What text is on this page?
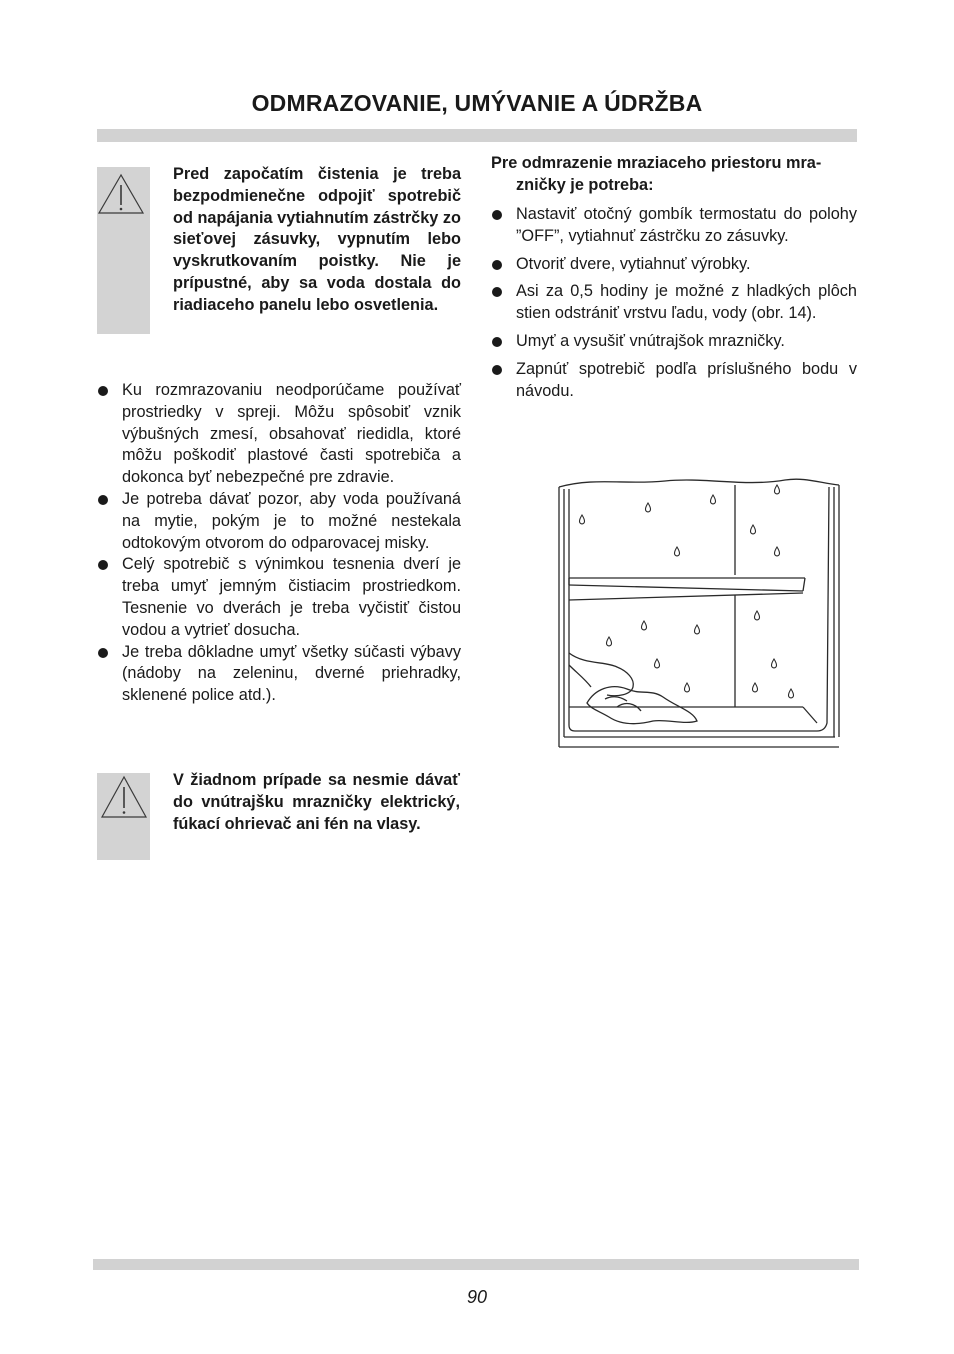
ODMRAZOVANIE, UMÝVANIE A ÚDRŽBA
Pred započatím čistenia je treba bezpodmienečne odpojiť spotrebič od napájania vytiahnutím zástrčky zo sieťovej zásuvky, vypnutím lebo vyskrutkovaním poistky. Nie je prípustné, aby sa voda dostala do riadiaceho panelu lebo osvetlenia.
Ku rozmrazovaniu neodporúčame používať prostriedky v spreji. Môžu spôsobiť vznik výbušných zmesí, obsahovať riedidla, ktoré môžu poškodiť plastové časti spotrebiča a dokonca byť nebezpečné pre zdravie.
Je potreba dávať pozor, aby voda používaná na mytie, pokým je to možné nestekala odtokovým otvorom do odparovacej misky.
Celý spotrebič s výnimkou tesnenia dverí je treba umyť jemným čistiacim prostriedkom. Tesnenie vo dverách je treba vyčistiť čistou vodou a vytrieť dosucha.
Je treba dôkladne umyť všetky súčasti výbavy (nádoby na zeleninu, dverné priehradky, sklenené police atd.).
V žiadnom prípade sa nesmie dávať do vnútrajšku mrazničky elektrický, fúkací ohrievač ani fén na vlasy.
Pre odmrazenie mraziaceho priestoru mra-
zničky je potreba:
Nastaviť otočný gombík termostatu do polohy ”OFF”, vytiahnuť zástrčku zo zásuvky.
Otvoriť dvere, vytiahnuť výrobky.
Asi za 0,5 hodiny je možné z hladkých plôch stien odstrániť vrstvu ľadu, vody (obr. 14).
Umyť a vysušiť vnútrajšok mrazničky.
Zapnúť spotrebič podľa príslušného bodu v návodu.
90
